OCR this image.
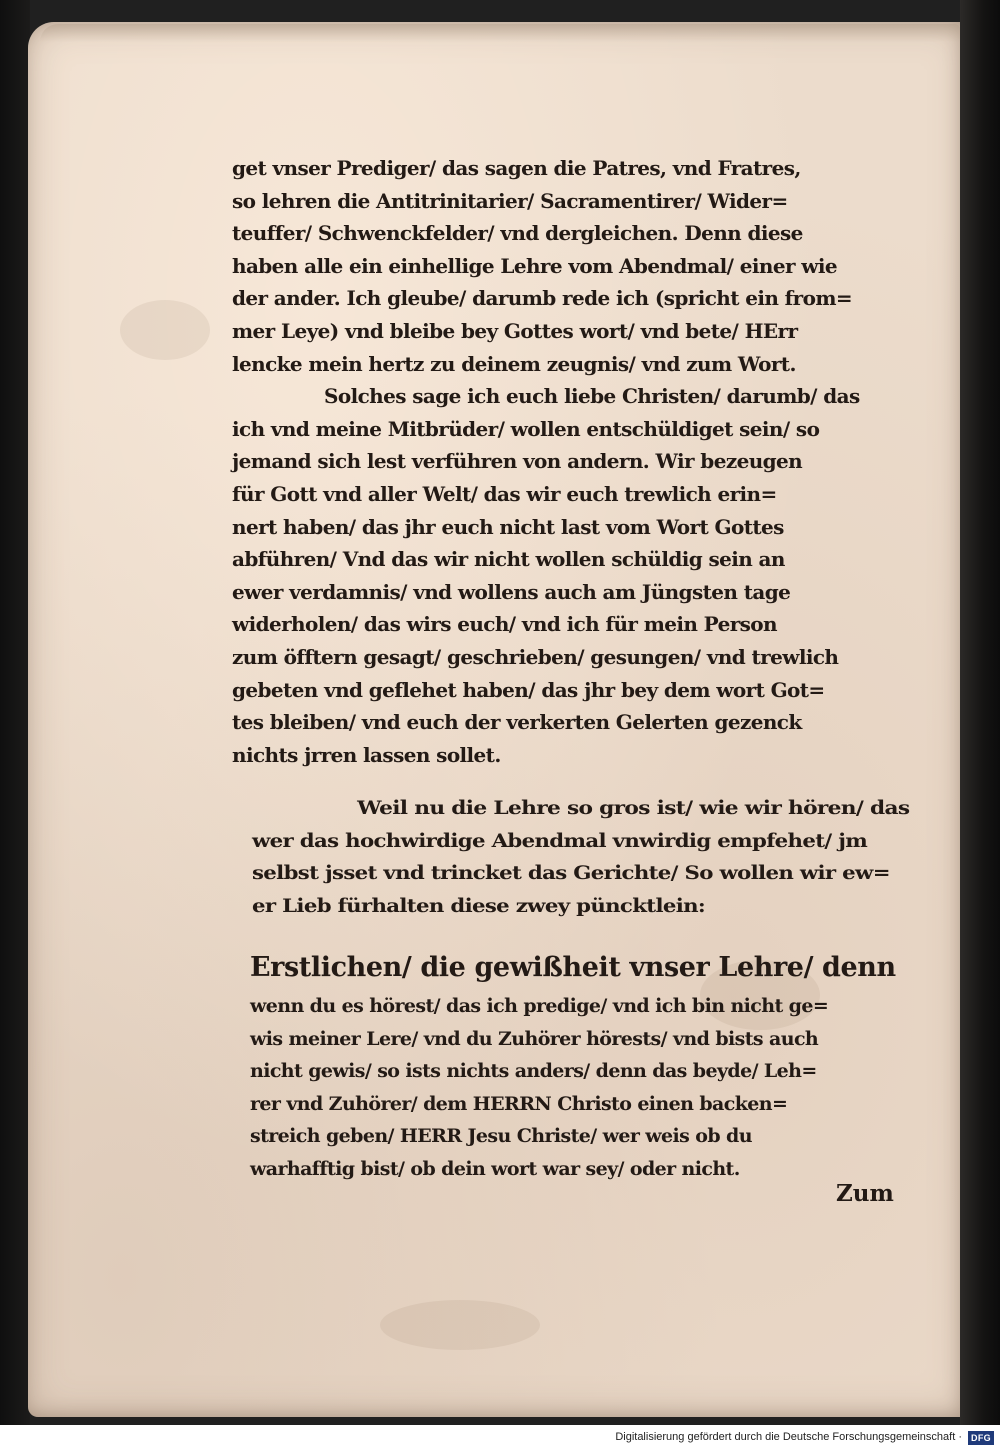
get vnser Prediger/ das sagen die Patres, vnd Fratres,
so lehren die Antitrinitarier/ Sacramentirer/ Wider=
teuffer/ Schwenckfelder/ vnd dergleichen. Denn diese
haben alle ein einhellige Lehre vom Abendmal/ einer wie
der ander. Ich gleube/ darumb rede ich (spricht ein from=
mer Leye) vnd bleibe bey Gottes wort/ vnd bete/ HErr
lencke mein hertz zu deinem zeugnis/ vnd zum Wort.
Solches sage ich euch liebe Christen/ darumb/ das
ich vnd meine Mitbrüder/ wollen entschüldiget sein/ so
jemand sich lest verführen von andern. Wir bezeugen
für Gott vnd aller Welt/ das wir euch trewlich erin=
nert haben/ das jhr euch nicht last vom Wort Gottes
abführen/ Vnd das wir nicht wollen schüldig sein an
ewer verdamnis/ vnd wollens auch am Jüngsten tage
widerholen/ das wirs euch/ vnd ich für mein Person
zum öfftern gesagt/ geschrieben/ gesungen/ vnd trewlich
gebeten vnd geflehet haben/ das jhr bey dem wort Got=
tes bleiben/ vnd euch der verkerten Gelerten gezenck
nichts jrren lassen sollet.
Weil nu die Lehre so gros ist/ wie wir hören/ das
wer das hochwirdige Abendmal vnwirdig empfehet/ jm
selbst jsset vnd trincket das Gerichte/ So wollen wir ew=
er Lieb fürhalten diese zwey püncktlein:
Erstlichen/ die gewißheit vnser Lehre/ denn
wenn du es hörest/ das ich predige/ vnd ich bin nicht ge=
wis meiner Lere/ vnd du Zuhörer hörests/ vnd bists auch
nicht gewis/ so ists nichts anders/ denn das beyde/ Leh=
rer vnd Zuhörer/ dem HERRN Christo einen backen=
streich geben/ HERR Jesu Christe/ wer weis ob du
warhafftig bist/ ob dein wort war sey/ oder nicht.
Zum
Digitalisierung gefördert durch die Deutsche Forschungsgemeinschaft ·	DFG
